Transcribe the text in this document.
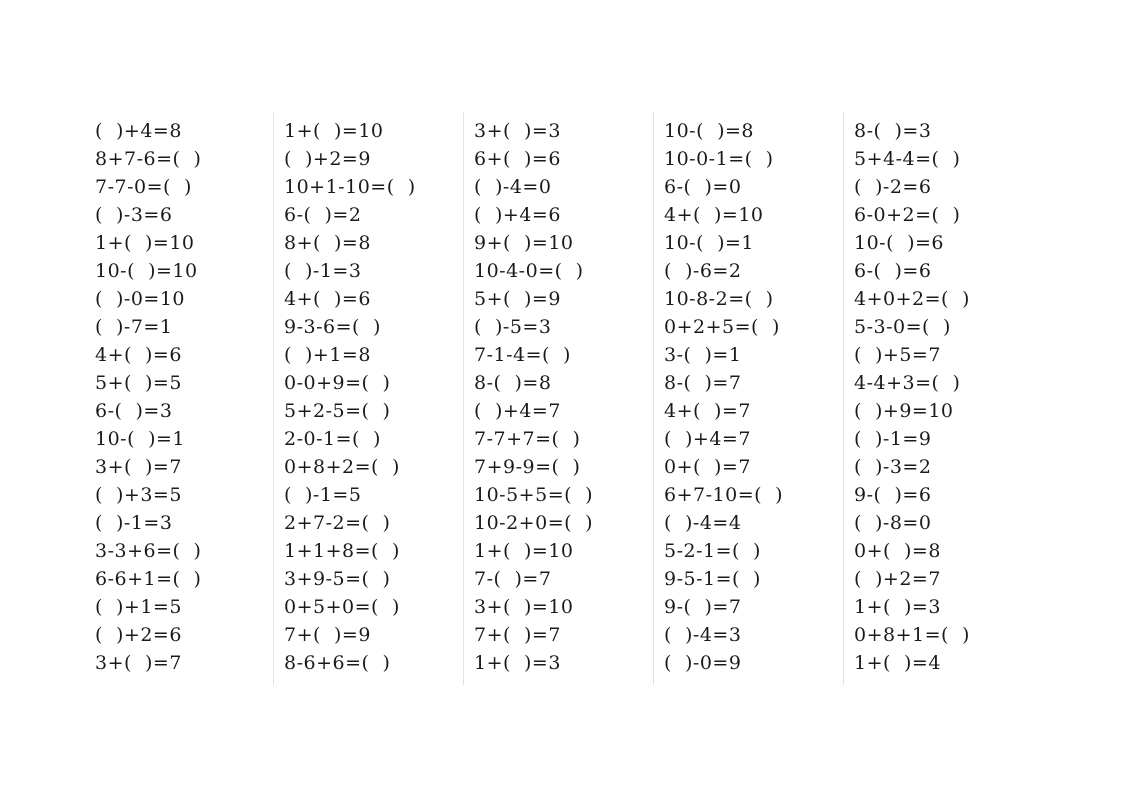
(  )+4=8
8+7-6=(  )
7-7-0=(  )
(  )-3=6
1+(  )=10
10-(  )=10
(  )-0=10
(  )-7=1
4+(  )=6
5+(  )=5
6-(  )=3
10-(  )=1
3+(  )=7
(  )+3=5
(  )-1=3
3-3+6=(  )
6-6+1=(  )
(  )+1=5
(  )+2=6
3+(  )=7
1+(  )=10
(  )+2=9
10+1-10=(  )
6-(  )=2
8+(  )=8
(  )-1=3
4+(  )=6
9-3-6=(  )
(  )+1=8
0-0+9=(  )
5+2-5=(  )
2-0-1=(  )
0+8+2=(  )
(  )-1=5
2+7-2=(  )
1+1+8=(  )
3+9-5=(  )
0+5+0=(  )
7+(  )=9
8-6+6=(  )
3+(  )=3
6+(  )=6
(  )-4=0
(  )+4=6
9+(  )=10
10-4-0=(  )
5+(  )=9
(  )-5=3
7-1-4=(  )
8-(  )=8
(  )+4=7
7-7+7=(  )
7+9-9=(  )
10-5+5=(  )
10-2+0=(  )
1+(  )=10
7-(  )=7
3+(  )=10
7+(  )=7
1+(  )=3
10-(  )=8
10-0-1=(  )
6-(  )=0
4+(  )=10
10-(  )=1
(  )-6=2
10-8-2=(  )
0+2+5=(  )
3-(  )=1
8-(  )=7
4+(  )=7
(  )+4=7
0+(  )=7
6+7-10=(  )
(  )-4=4
5-2-1=(  )
9-5-1=(  )
9-(  )=7
(  )-4=3
(  )-0=9
8-(  )=3
5+4-4=(  )
(  )-2=6
6-0+2=(  )
10-(  )=6
6-(  )=6
4+0+2=(  )
5-3-0=(  )
(  )+5=7
4-4+3=(  )
(  )+9=10
(  )-1=9
(  )-3=2
9-(  )=6
(  )-8=0
0+(  )=8
(  )+2=7
1+(  )=3
0+8+1=(  )
1+(  )=4
